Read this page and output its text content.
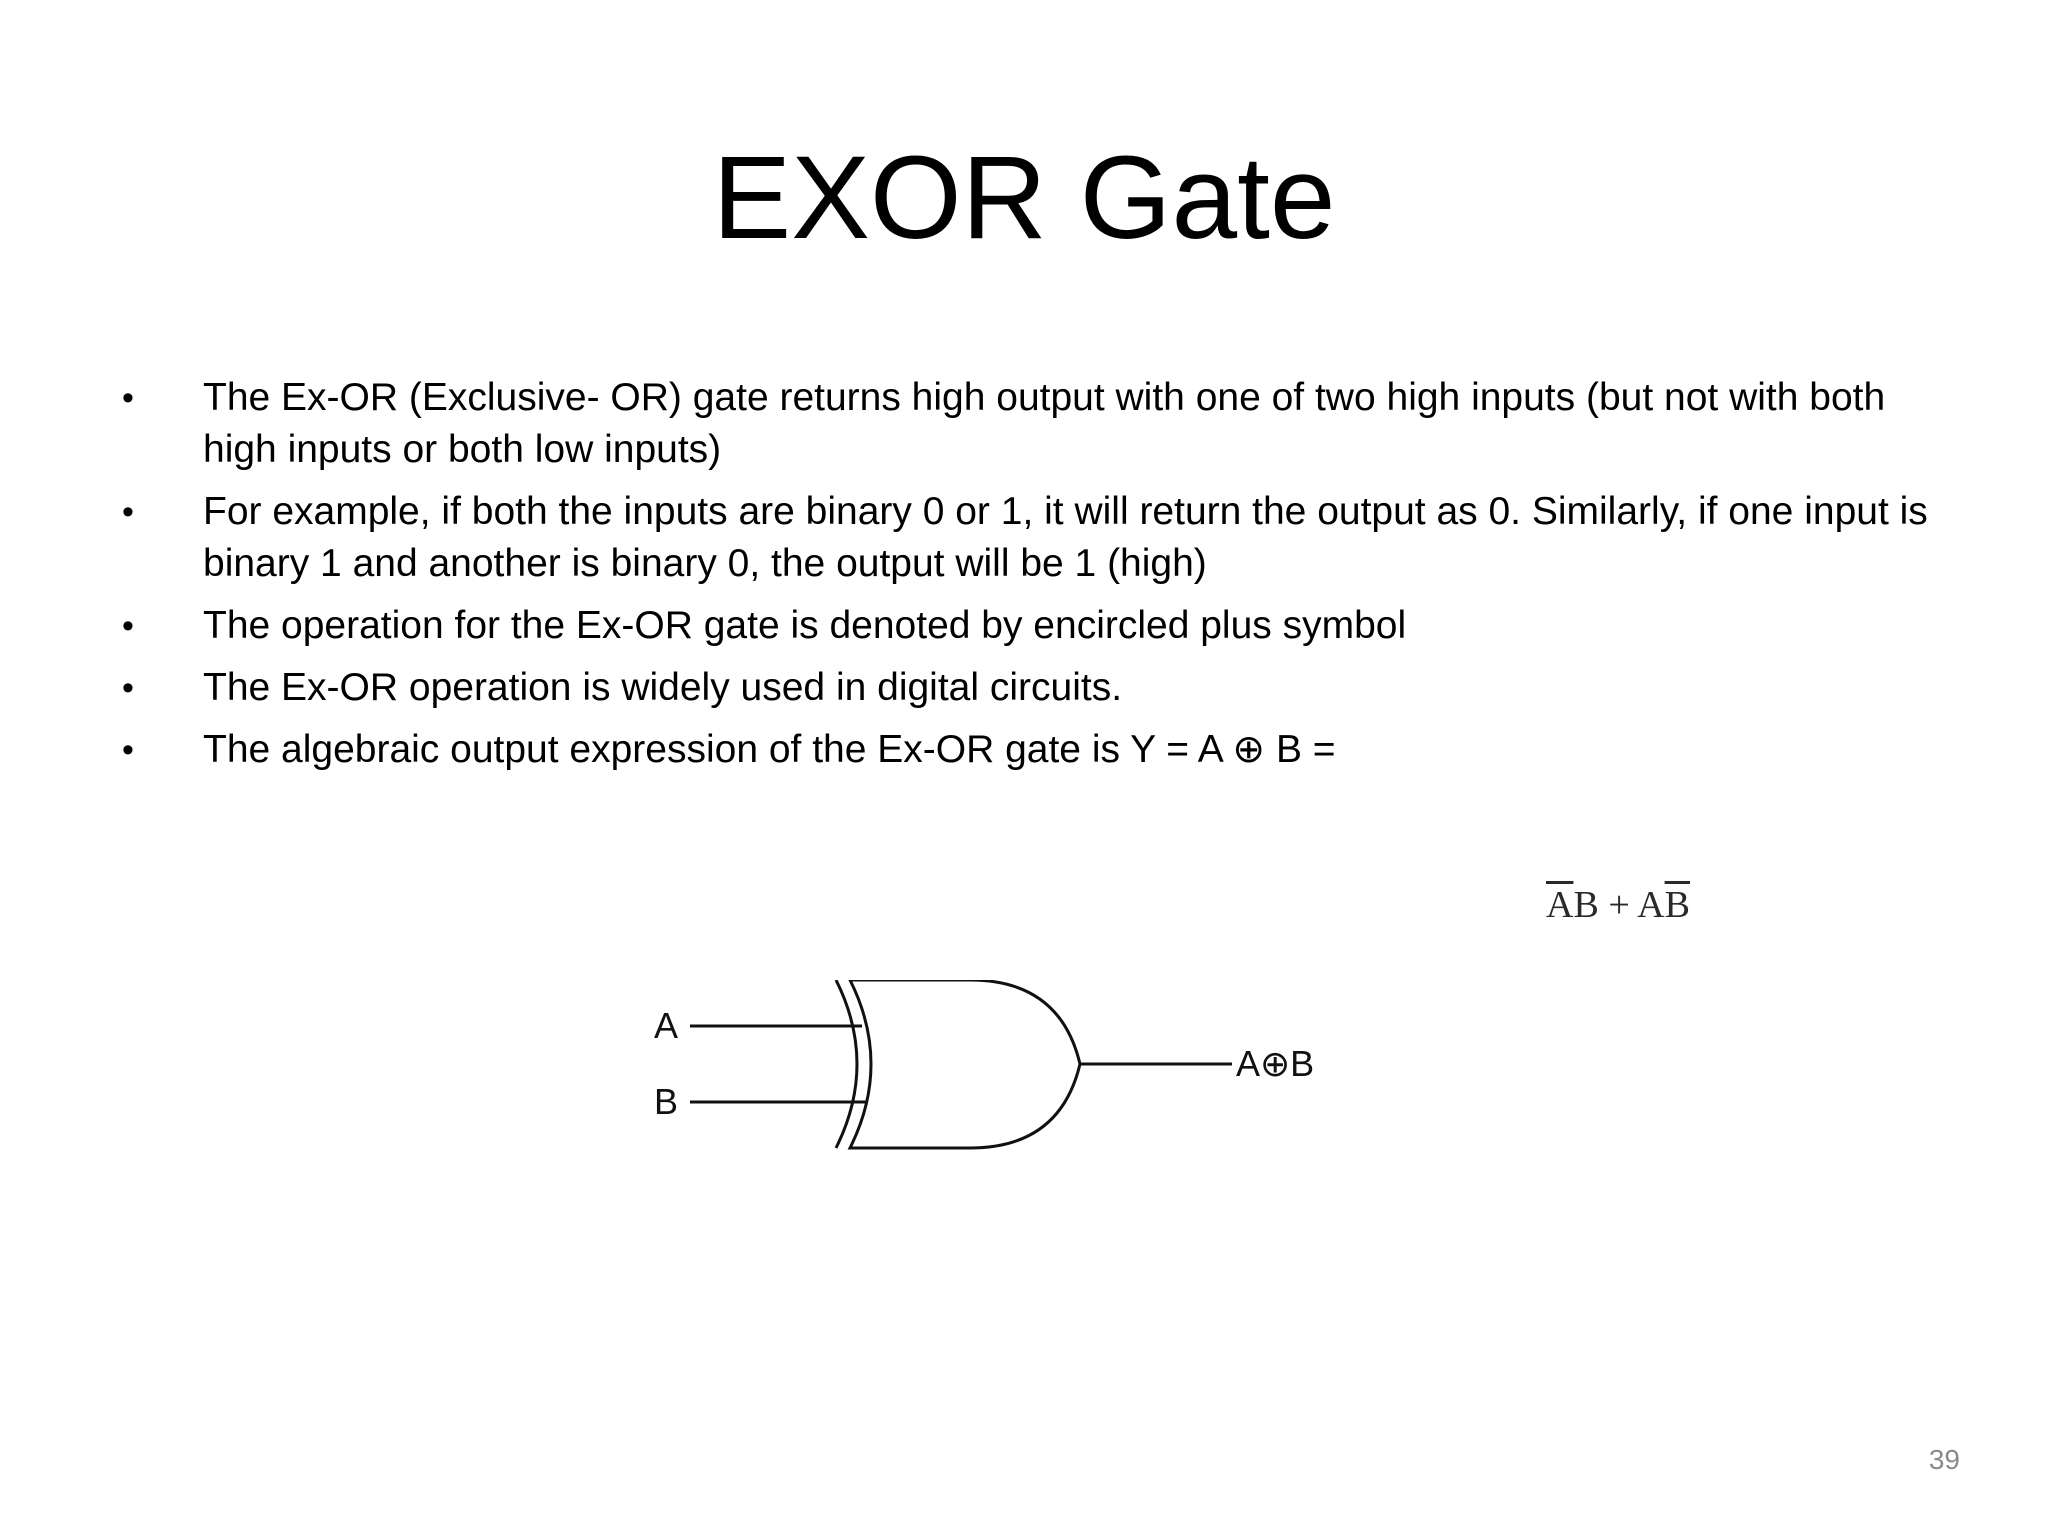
EXOR Gate
• The Ex-OR (Exclusive- OR) gate returns high output with one of two high inputs (but not with both high inputs or both low inputs)
• For example, if both the inputs are binary 0 or 1, it will return the output as 0. Similarly, if one input is binary 1 and another is binary 0, the output will be 1 (high)
• The operation for the Ex-OR gate is denoted by encircled plus symbol
• The Ex-OR operation is widely used in digital circuits.
• The algebraic output expression of the Ex-OR gate is Y = A ⊕ B =
$\overline{A}B + A\overline{B}$
A
B
A⊕B
39
